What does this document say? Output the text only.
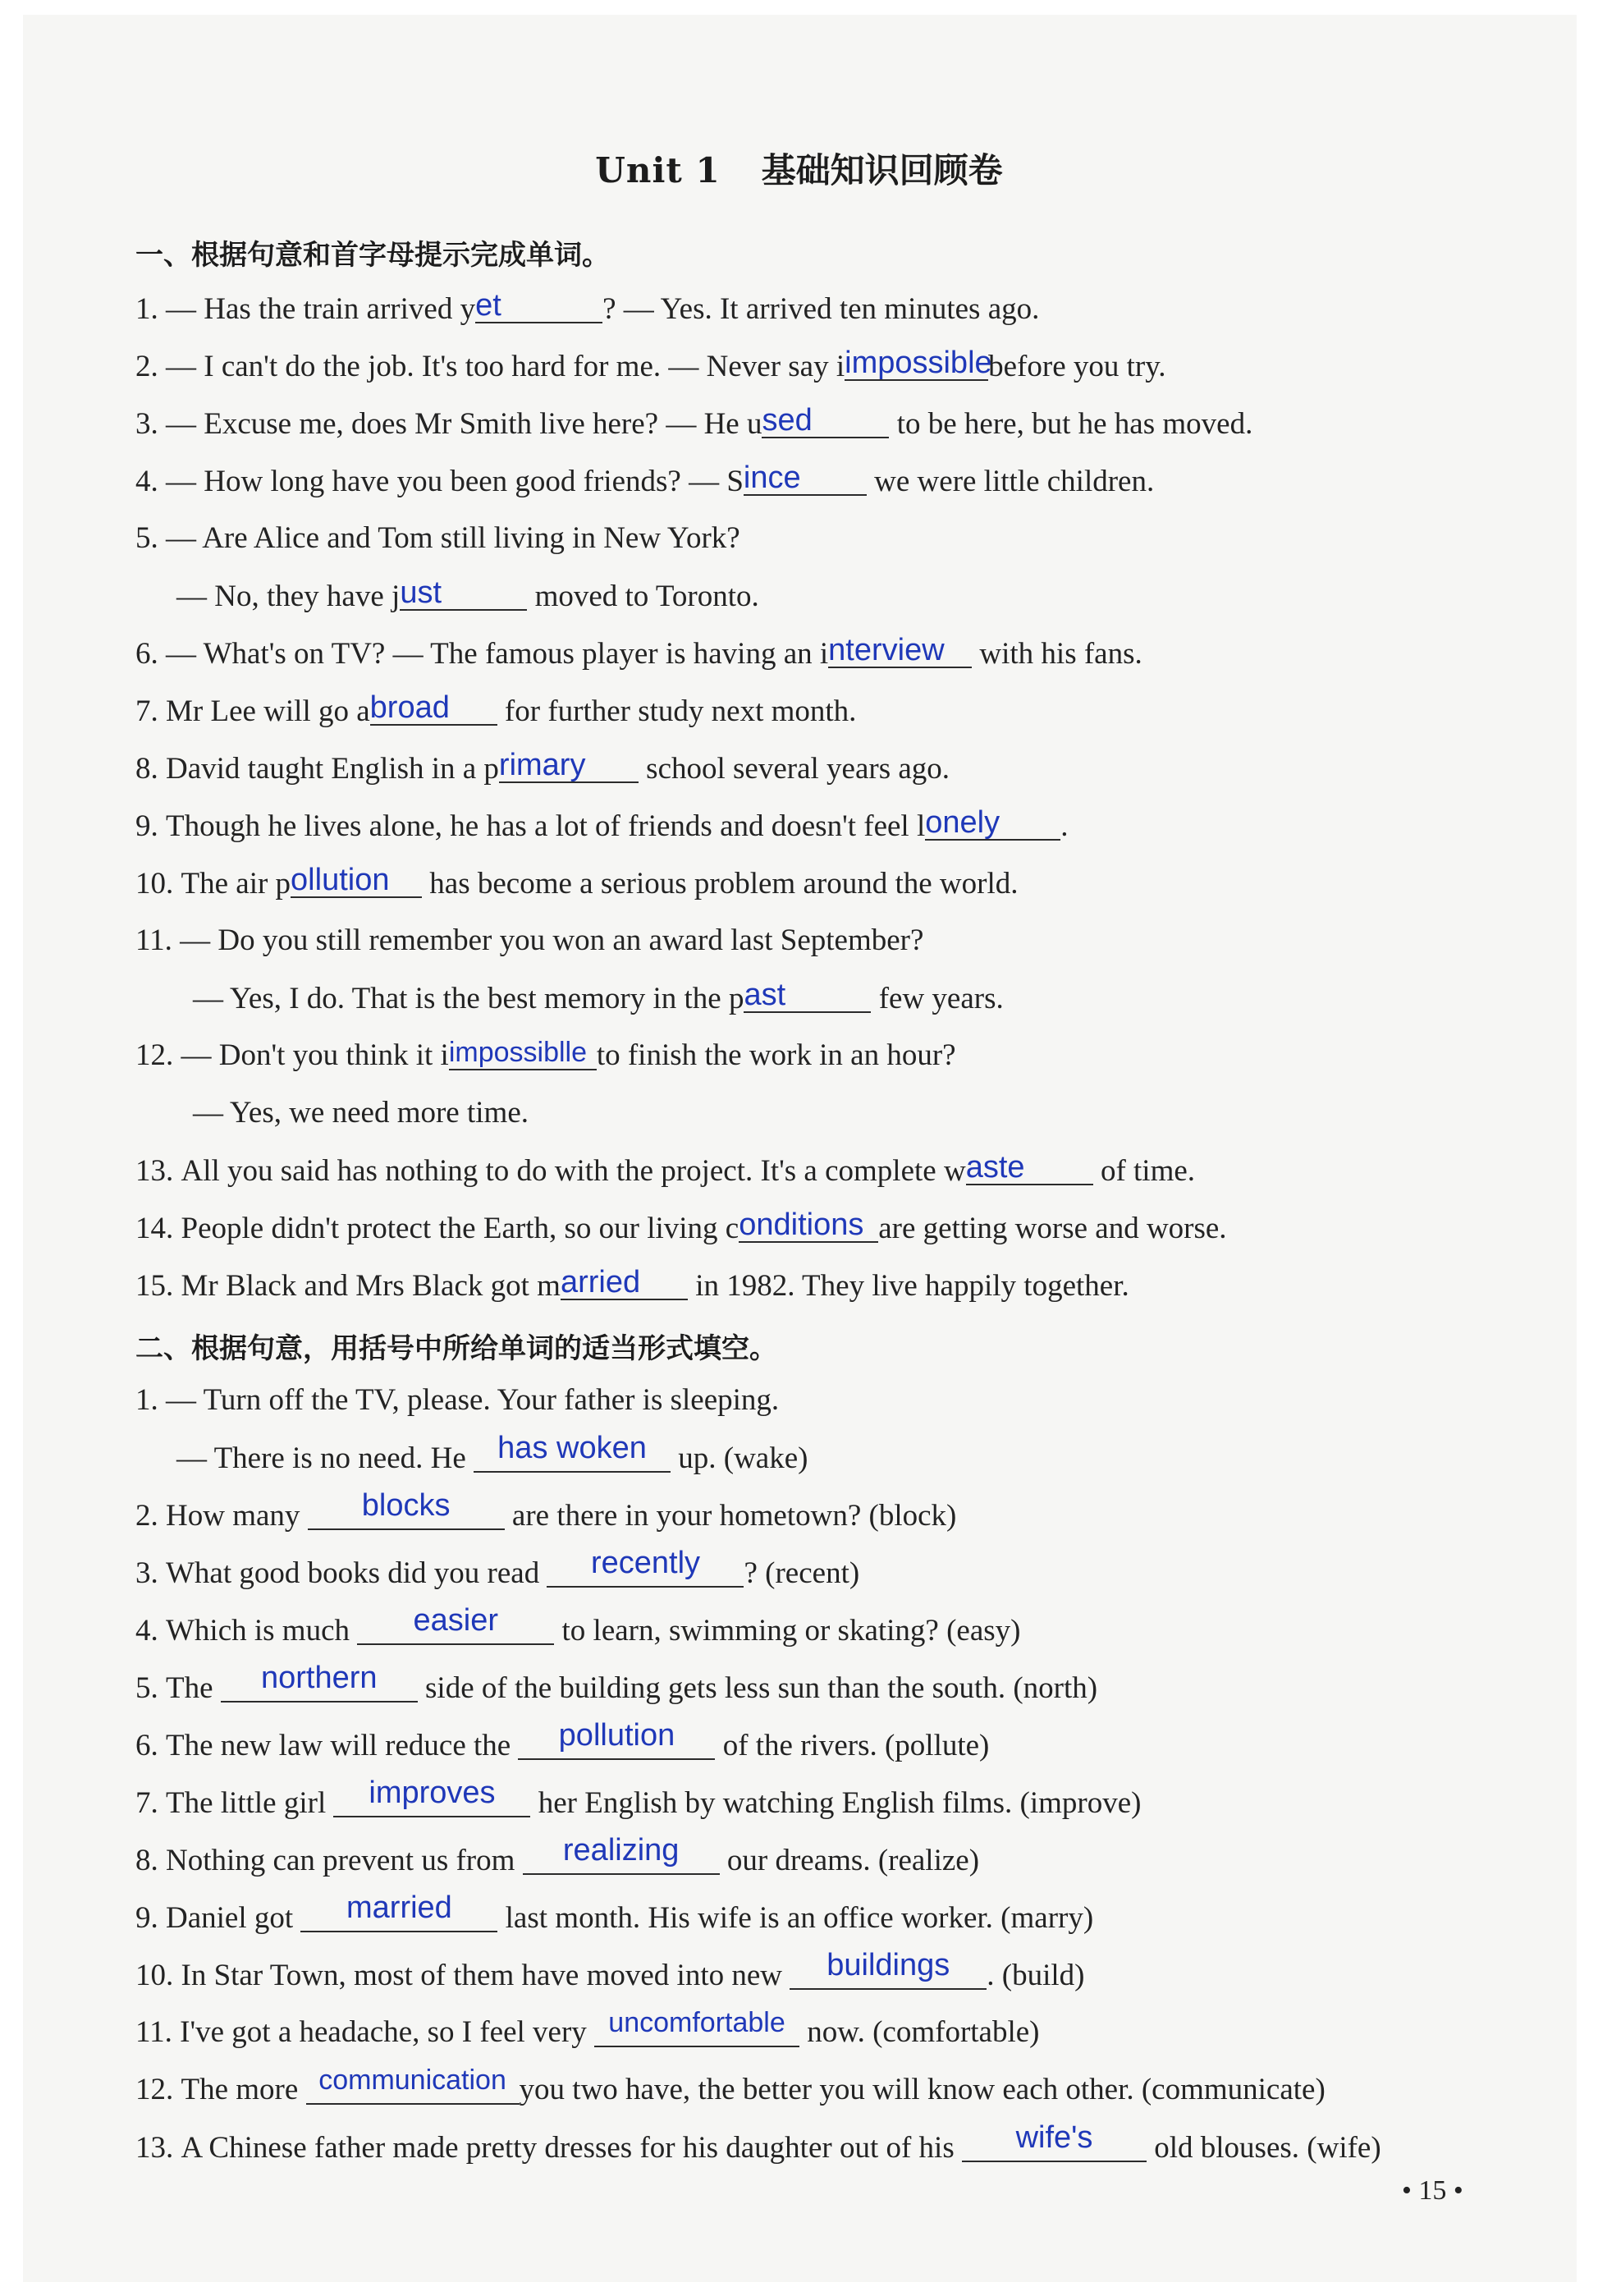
Unit 1 基础知识回顾卷
一、根据句意和首字母提示完成单词。
1. — Has the train arrived yet	? — Yes. It arrived ten minutes ago.
2. — I can't do the job. It's too hard for me. — Never say iimpossiblebefore you try.
3. — Excuse me, does Mr Smith live here? — He used	to be here, but he has moved.
4. — How long have you been good friends? — Since we were little children.
5. — Are Alice and Tom still living in New York?
— No, they have just	moved to Toronto.
6. — What's on TV? — The famous player is having an interview with his fans.
7. Mr Lee will go abroad for further study next month.
8. David taught English in a primary school several years ago.
9. Though he lives alone, he has a lot of friends and doesn't feel lonely .
10. The air pollution has become a serious problem around the world.
11. — Do you still remember you won an award last September?
— Yes, I do. That is the best memory in the past	few years.
12. — Don't you think it iimpossiblle to finish the work in an hour?
— Yes, we need more time.
13. All you said has nothing to do with the project. It's a complete waste of time.
14. People didn't protect the Earth, so our living conditions are getting worse and worse.
15. Mr Black and Mrs Black got married in 1982. They live happily together.
二、根据句意，用括号中所给单词的适当形式填空。
1. — Turn off the TV, please. Your father is sleeping.
— There is no need. He has woken up. (wake)
2. How many blocks are there in your hometown? (block)
3. What good books did you read recently ? (recent)
4. Which is much easier to learn, swimming or skating? (easy)
5. The northern side of the building gets less sun than the south. (north)
6. The new law will reduce the pollution of the rivers. (pollute)
7. The little girl improves her English by watching English films. (improve)
8. Nothing can prevent us from realizing our dreams. (realize)
9. Daniel got married last month. His wife is an office worker. (marry)
10. In Star Town, most of them have moved into new buildings . (build)
11. I've got a headache, so I feel very uncomfortable now. (comfortable)
12. The more communication you two have, the better you will know each other. (communicate)
13. A Chinese father made pretty dresses for his daughter out of his wife's old blouses. (wife)
• 15 •
